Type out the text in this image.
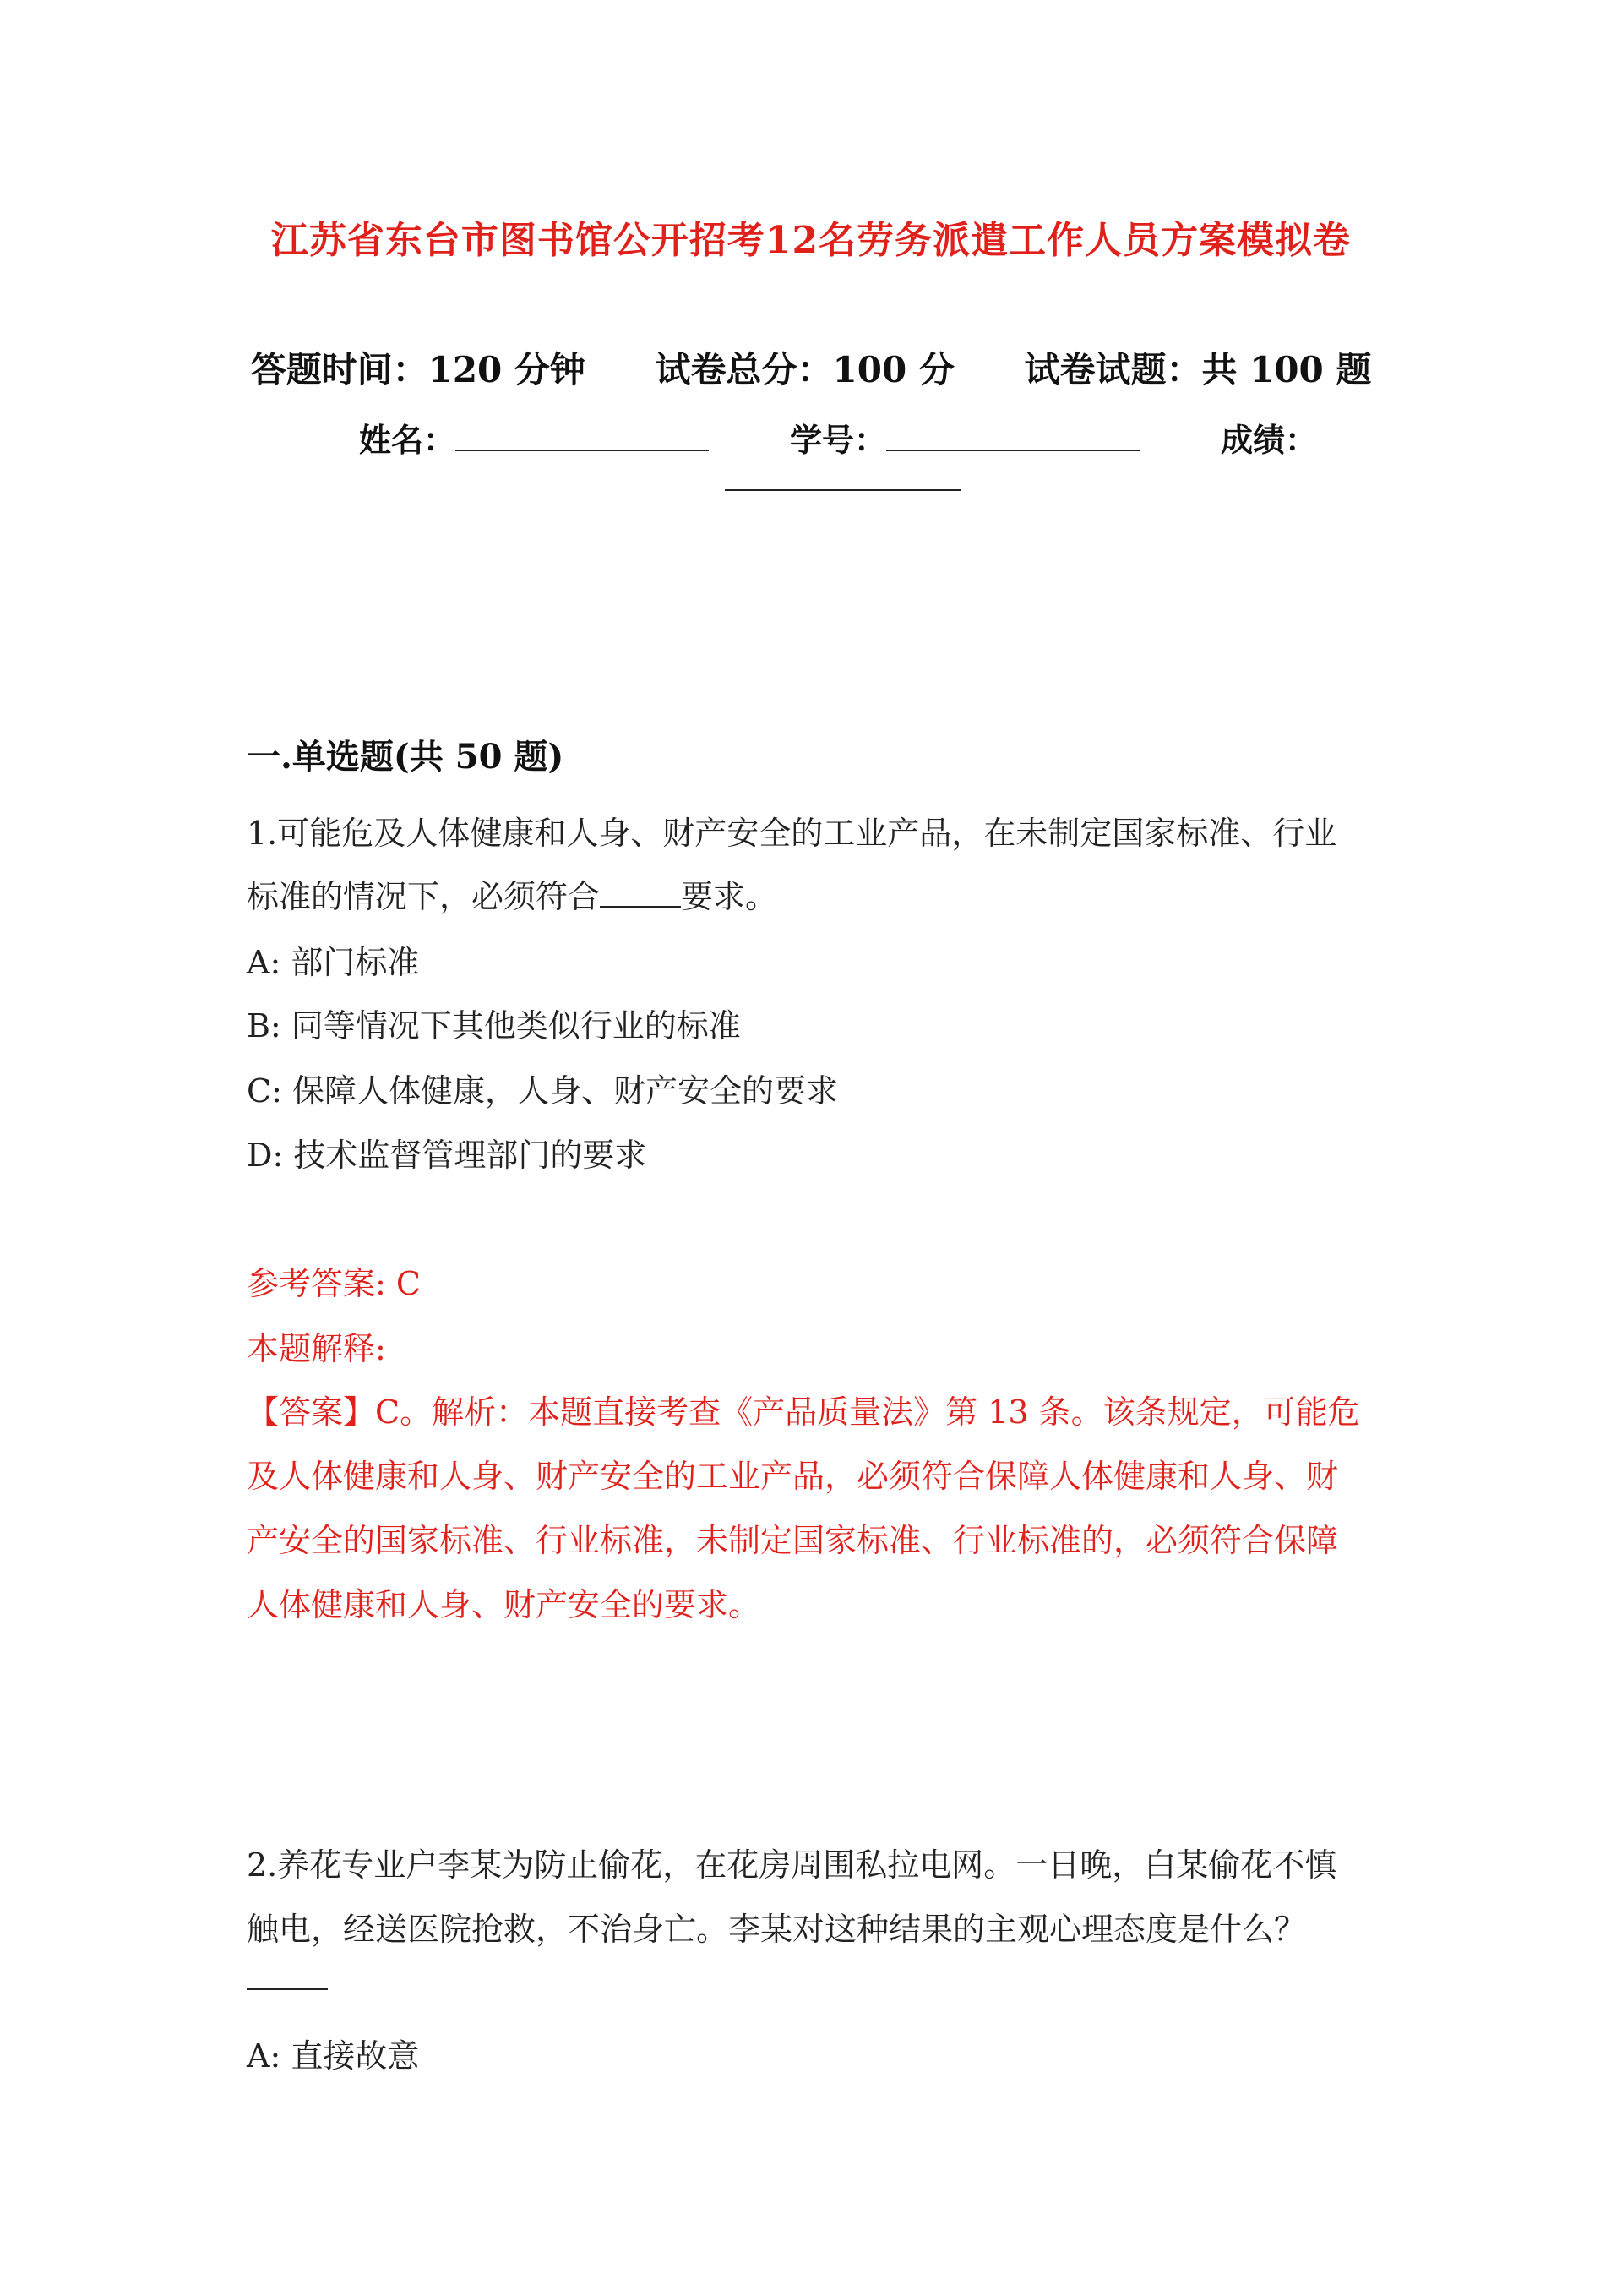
江苏省东台市图书馆公开招考12名劳务派遣工作人员方案模拟卷
答题时间：120 分钟 试卷总分：100 分 试卷试题：共 100 题
姓名：	学号：	成绩：
一.单选题(共 50 题)
1.可能危及人体健康和人身、财产安全的工业产品，在未制定国家标准、行业
标准的情况下，必须符合	要求。
A: 部门标准
B: 同等情况下其他类似行业的标准
C: 保障人体健康，人身、财产安全的要求
D: 技术监督管理部门的要求
参考答案: C
本题解释:
【答案】C。解析：本题直接考查《产品质量法》第 13 条。该条规定，可能危
及人体健康和人身、财产安全的工业产品，必须符合保障人体健康和人身、财
产安全的国家标准、行业标准，未制定国家标准、行业标准的，必须符合保障
人体健康和人身、财产安全的要求。
2.养花专业户李某为防止偷花，在花房周围私拉电网。一日晚，白某偷花不慎
触电，经送医院抢救，不治身亡。李某对这种结果的主观心理态度是什么？
A: 直接故意
